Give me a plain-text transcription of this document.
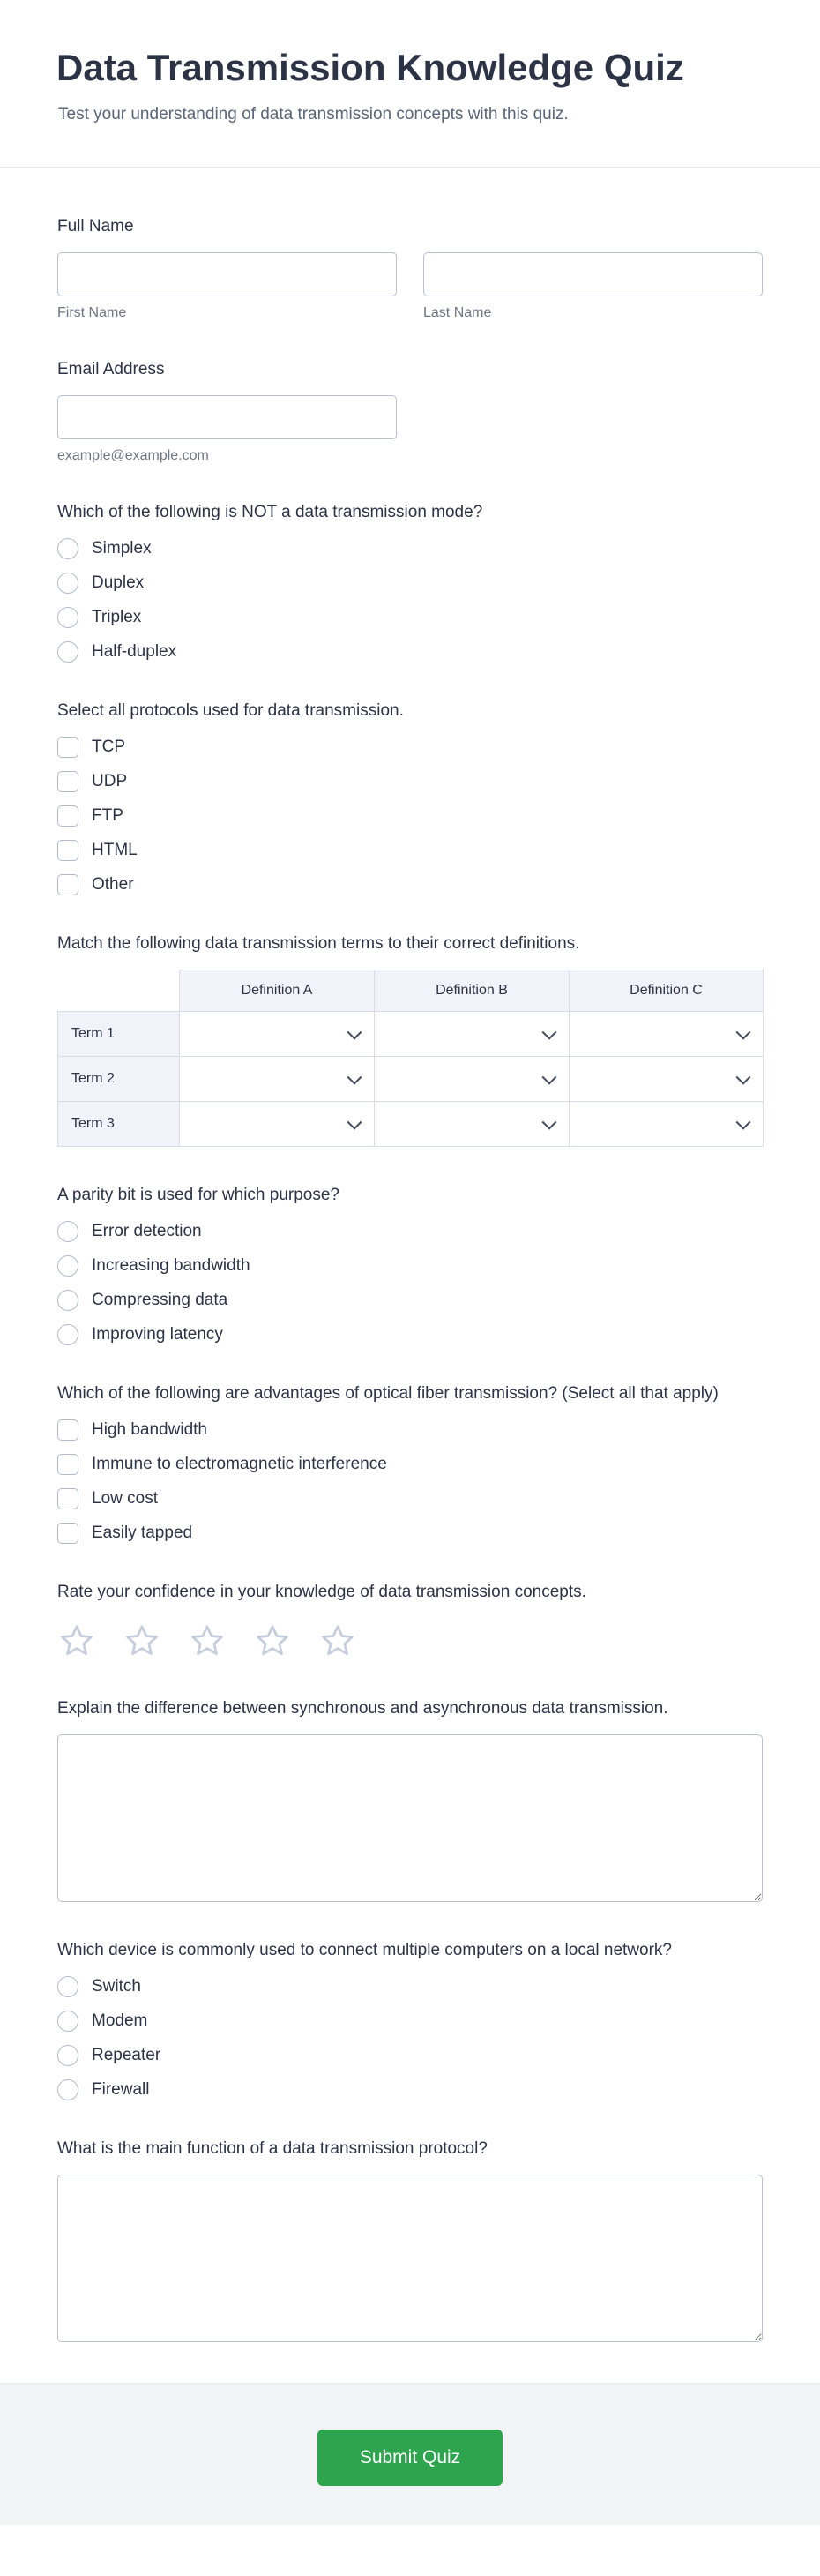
Data Transmission Knowledge Quiz

Test your understanding of data transmission concepts with this quiz.

Full Name
First Name	Last Name
Email Address
example@example.com
Which of the following is NOT a data transmission mode?
Simplex
Duplex
Triplex
Half-duplex
Select all protocols used for data transmission.
TCP
UDP
FTP
HTML
Other
Match the following data transmission terms to their correct definitions.
	Definition A	Definition B	Definition C
Term 1	

Term 2	

Term 3	

A parity bit is used for which purpose?
Error detection
Increasing bandwidth
Compressing data
Improving latency
Which of the following are advantages of optical fiber transmission? (Select all that apply)
High bandwidth
Immune to electromagnetic interference
Low cost
Easily tapped
Rate your confidence in your knowledge of data transmission concepts.
Explain the difference between synchronous and asynchronous data transmission.
Which device is commonly used to connect multiple computers on a local network?
Switch
Modem
Repeater
Firewall
What is the main function of a data transmission protocol?
Submit Quiz
